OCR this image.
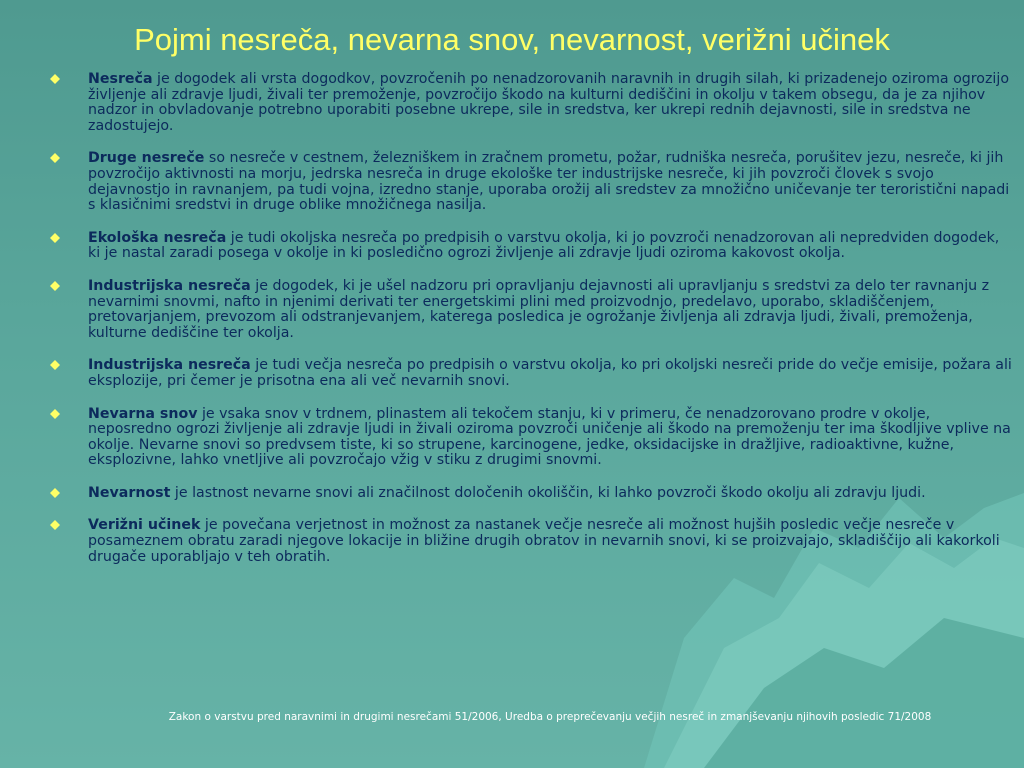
Pojmi nesreča, nevarna snov, nevarnost, verižni učinek
Nesreča je dogodek ali vrsta dogodkov, povzročenih po nenadzorovanih naravnih in drugih silah, ki prizadenejo oziroma ogrozijo življenje ali zdravje ljudi, živali ter premoženje, povzročijo škodo na kulturni dediščini in okolju v takem obsegu, da je za njihov nadzor in obvladovanje potrebno uporabiti posebne ukrepe, sile in sredstva, ker ukrepi rednih dejavnosti, sile in sredstva ne zadostujejo.
Druge nesreče so nesreče v cestnem, železniškem in zračnem prometu, požar, rudniška nesreča, porušitev jezu, nesreče, ki jih povzročijo aktivnosti na morju, jedrska nesreča in druge ekološke ter industrijske nesreče, ki jih povzroči človek s svojo dejavnostjo in ravnanjem, pa tudi vojna, izredno stanje, uporaba orožij ali sredstev za množično uničevanje ter teroristični napadi s klasičnimi sredstvi in druge oblike množičnega nasilja.
Ekološka nesreča je tudi okoljska nesreča po predpisih o varstvu okolja, ki jo povzroči nenadzorovan ali nepredviden dogodek, ki je nastal zaradi posega v okolje in ki posledično ogrozi življenje ali zdravje ljudi oziroma kakovost okolja.
Industrijska nesreča je dogodek, ki je ušel nadzoru pri opravljanju dejavnosti ali upravljanju s sredstvi za delo ter ravnanju z nevarnimi snovmi, nafto in njenimi derivati ter energetskimi plini med proizvodnjo, predelavo, uporabo, skladiščenjem, pretovarjanjem, prevozom ali odstranjevanjem, katerega posledica je ogrožanje življenja ali zdravja ljudi, živali, premoženja, kulturne dediščine ter okolja.
Industrijska nesreča je tudi večja nesreča po predpisih o varstvu okolja, ko pri okoljski nesreči pride do večje emisije, požara ali eksplozije, pri čemer je prisotna ena ali več nevarnih snovi.
Nevarna snov je vsaka snov v trdnem, plinastem ali tekočem stanju, ki v primeru, če nenadzorovano prodre v okolje, neposredno ogrozi življenje ali zdravje ljudi in živali oziroma povzroči uničenje ali škodo na premoženju ter ima škodljive vplive na okolje. Nevarne snovi so predvsem tiste, ki so strupene, karcinogene, jedke, oksidacijske in dražljive, radioaktivne, kužne, eksplozivne, lahko vnetljive ali povzročajo vžig v stiku z drugimi snovmi.
Nevarnost je lastnost nevarne snovi ali značilnost določenih okoliščin, ki lahko povzroči škodo okolju ali zdravju ljudi.
Verižni učinek je povečana verjetnost in možnost za nastanek večje nesreče ali možnost hujših posledic večje nesreče v posameznem obratu zaradi njegove lokacije in bližine drugih obratov in nevarnih snovi, ki se proizvajajo, skladiščijo ali kakorkoli drugače uporabljajo v teh obratih.
Zakon o varstvu pred naravnimi in drugimi nesrečami 51/2006, Uredba o preprečevanju večjih nesreč in zmanjševanju njihovih posledic 71/2008
